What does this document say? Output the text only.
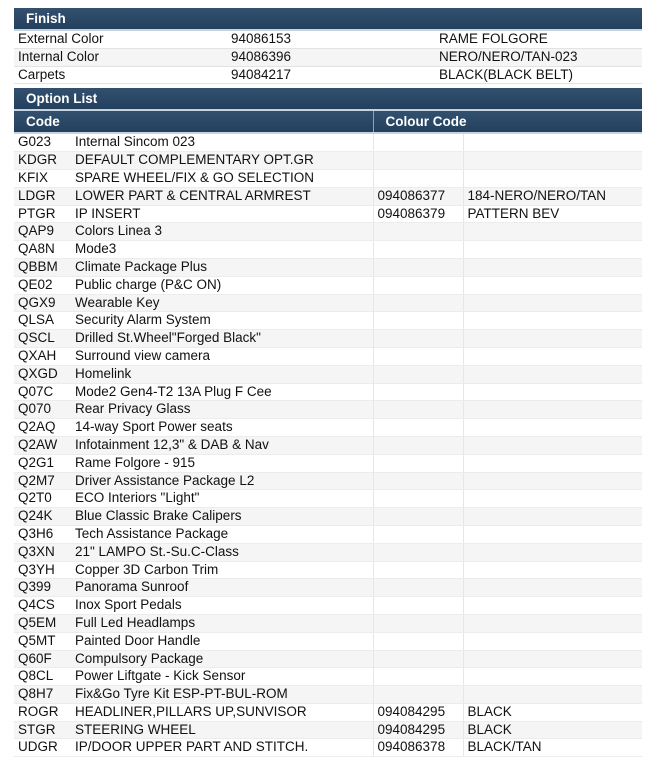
Finish
External Color	94086153	RAME FOLGORE
Internal Color	94086396	NERO/NERO/TAN-023
Carpets	94084217	BLACK(BLACK BELT)
Option List
Code		Colour Code	
G023	Internal Sincom 023		
KDGR	DEFAULT COMPLEMENTARY OPT.GR		
KFIX	SPARE WHEEL/FIX & GO SELECTION		
LDGR	LOWER PART & CENTRAL ARMREST	094086377	184-NERO/NERO/TAN
PTGR	IP INSERT	094086379	PATTERN BEV
QAP9	Colors Linea 3		
QA8N	Mode3		
QBBM	Climate Package Plus		
QE02	Public charge (P&C ON)		
QGX9	Wearable Key		
QLSA	Security Alarm System		
QSCL	Drilled St.Wheel"Forged Black"		
QXAH	Surround view camera		
QXGD	Homelink		
Q07C	Mode2 Gen4-T2 13A Plug F Cee		
Q070	Rear Privacy Glass		
Q2AQ	14-way Sport Power seats		
Q2AW	Infotainment 12,3" & DAB & Nav		
Q2G1	Rame Folgore - 915		
Q2M7	Driver Assistance Package L2		
Q2T0	ECO Interiors "Light"		
Q24K	Blue Classic Brake Calipers		
Q3H6	Tech Assistance Package		
Q3XN	21" LAMPO St.-Su.C-Class		
Q3YH	Copper 3D Carbon Trim		
Q399	Panorama Sunroof		
Q4CS	Inox Sport Pedals		
Q5EM	Full Led Headlamps		
Q5MT	Painted Door Handle		
Q60F	Compulsory Package		
Q8CL	Power Liftgate - Kick Sensor		
Q8H7	Fix&Go Tyre Kit ESP-PT-BUL-ROM		
ROGR	HEADLINER,PILLARS UP,SUNVISOR	094084295	BLACK
STGR	STEERING WHEEL	094084295	BLACK
UDGR	IP/DOOR UPPER PART AND STITCH.	094086378	BLACK/TAN
